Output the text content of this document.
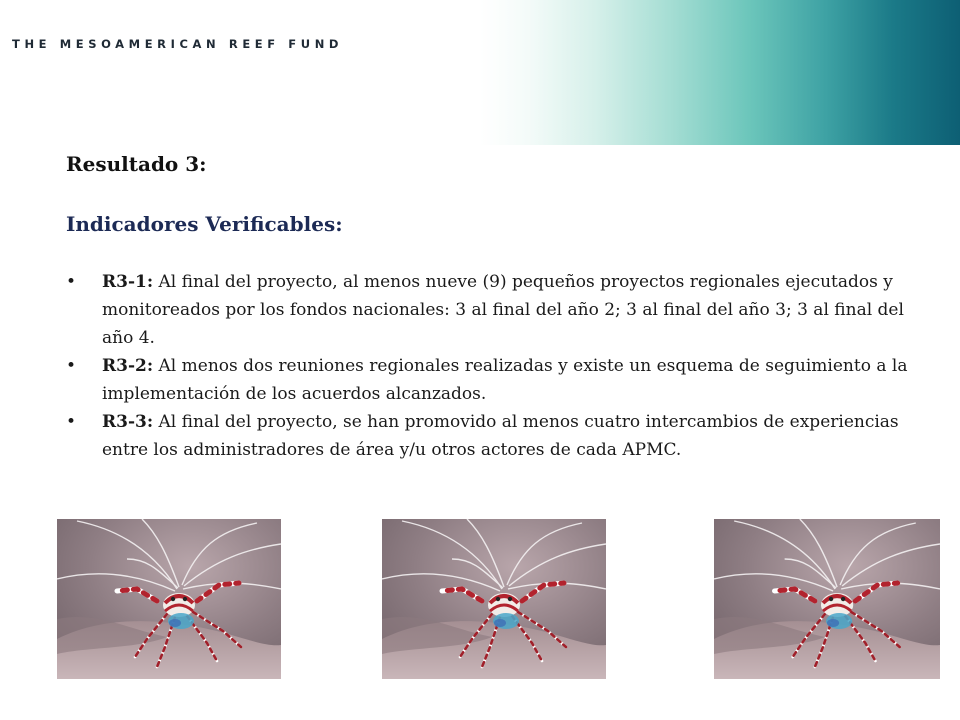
THE MESOAMERICAN REEF FUND
Resultado 3:
Indicadores Verificables:
• R3-1: Al final del proyecto, al menos nueve (9) pequeños proyectos regionales ejecutados y monitoreados por los fondos nacionales: 3 al final del año 2; 3 al final del año 3; 3 al final del año 4.
• R3-2: Al menos dos reuniones regionales realizadas y existe un esquema de seguimiento a la implementación de los acuerdos alcanzados.
• R3-3: Al final del proyecto, se han promovido al menos cuatro intercambios de experiencias entre los administradores de área y/u otros actores de cada APMC.
